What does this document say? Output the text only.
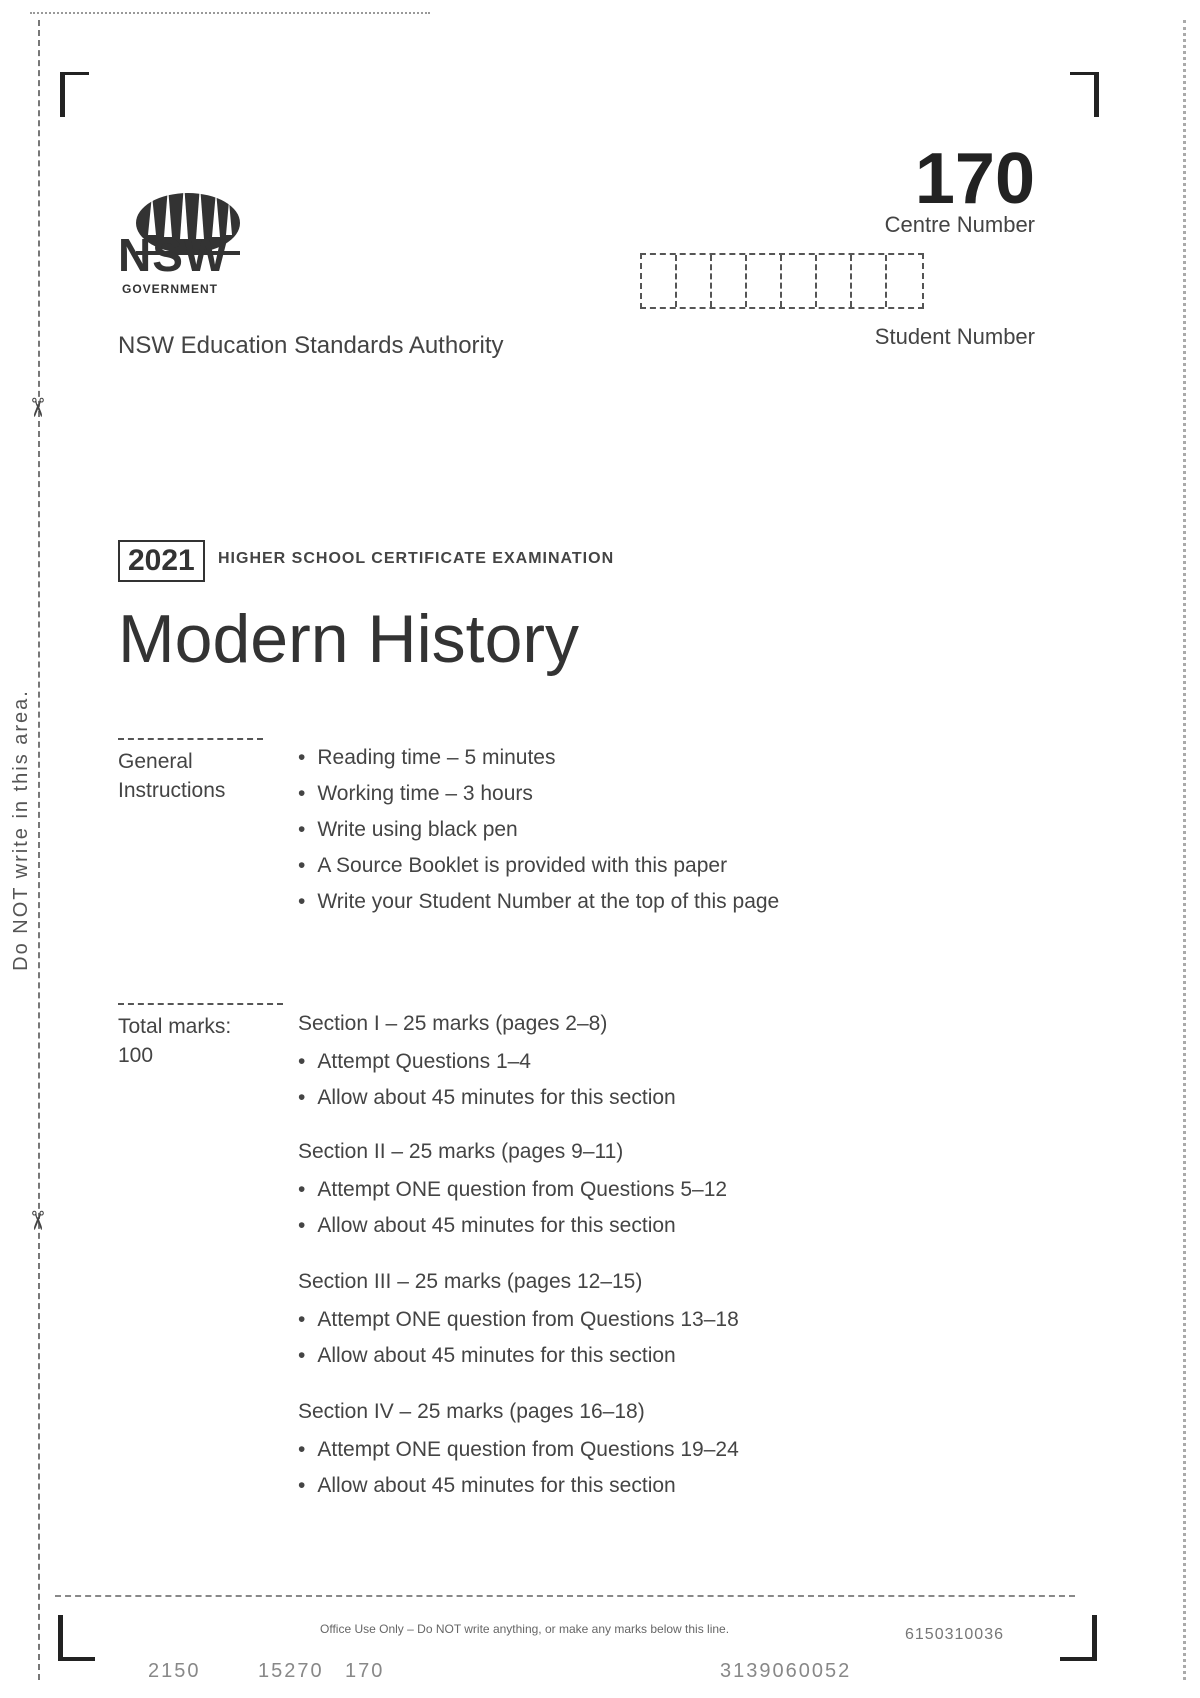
✂
✂
Do NOT write in this area.
NSW
GOVERNMENT
NSW Education Standards Authority
170
Centre Number
Student Number
2021	HIGHER SCHOOL CERTIFICATE EXAMINATION
Modern History
General
Instructions
• Reading time – 5 minutes
• Working time – 3 hours
• Write using black pen
• A Source Booklet is provided with this paper
• Write your Student Number at the top of this page
Total marks:
100
Section I – 25 marks (pages 2–8)
• Attempt Questions 1–4
• Allow about 45 minutes for this section
Section II – 25 marks (pages 9–11)
• Attempt ONE question from Questions 5–12
• Allow about 45 minutes for this section
Section III – 25 marks (pages 12–15)
• Attempt ONE question from Questions 13–18
• Allow about 45 minutes for this section
Section IV – 25 marks (pages 16–18)
• Attempt ONE question from Questions 19–24
• Allow about 45 minutes for this section
Office Use Only – Do NOT write anything, or make any marks below this line.	6150310036
2150	15270 170	3139060052
